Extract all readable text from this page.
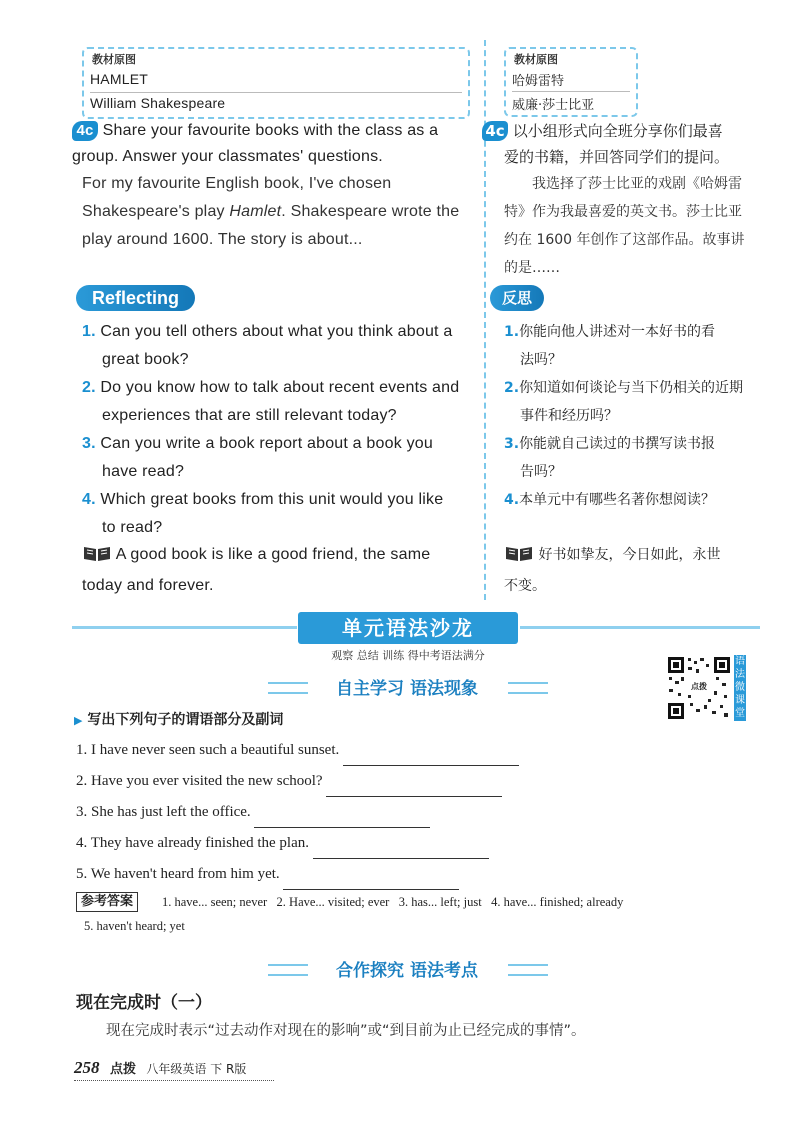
教材原图
HAMLET
William Shakespeare
4c Share your favourite books with the class as a
group. Answer your classmates' questions.
For my favourite English book, I've chosen
Shakespeare's play Hamlet. Shakespeare wrote the
play around 1600. The story is about...
Reflecting
1. Can you tell others about what you think about a
great book?
2. Do you know how to talk about recent events and
experiences that are still relevant today?
3. Can you write a book report about a book you
have read?
4. Which great books from this unit would you like
to read?
A good book is like a good friend, the same
today and forever.
教材原图
哈姆雷特
威廉·莎士比亚
4c 以小组形式向全班分享你们最喜
爱的书籍，并回答同学们的提问。
我选择了莎士比亚的戏剧《哈姆雷
特》作为我最喜爱的英文书。莎士比亚
约在 1600 年创作了这部作品。故事讲
的是……
反思
1.你能向他人讲述对一本好书的看
法吗？
2.你知道如何谈论与当下仍相关的近期
事件和经历吗？
3.你能就自己读过的书撰写读书报
告吗？
4.本单元中有哪些名著你想阅读？
好书如挚友，今日如此，永世
不变。
单元语法沙龙
观察 总结 训练 得中考语法满分
点拨
语法微课堂
自主学习 语法现象
▶ 写出下列句子的谓语部分及副词
1. I have never seen such a beautiful sunset.
2. Have you ever visited the new school?
3. She has just left the office.
4. They have already finished the plan.
5. We haven't heard from him yet.
参考答案	1. have... seen; never   2. Have... visited; ever   3. has... left; just   4. have... finished; already
5. haven't heard; yet
合作探究 语法考点
现在完成时（一）
现在完成时表示“过去动作对现在的影响”或“到目前为止已经完成的事情”。
258 点拨 八年级英语 下 R版
